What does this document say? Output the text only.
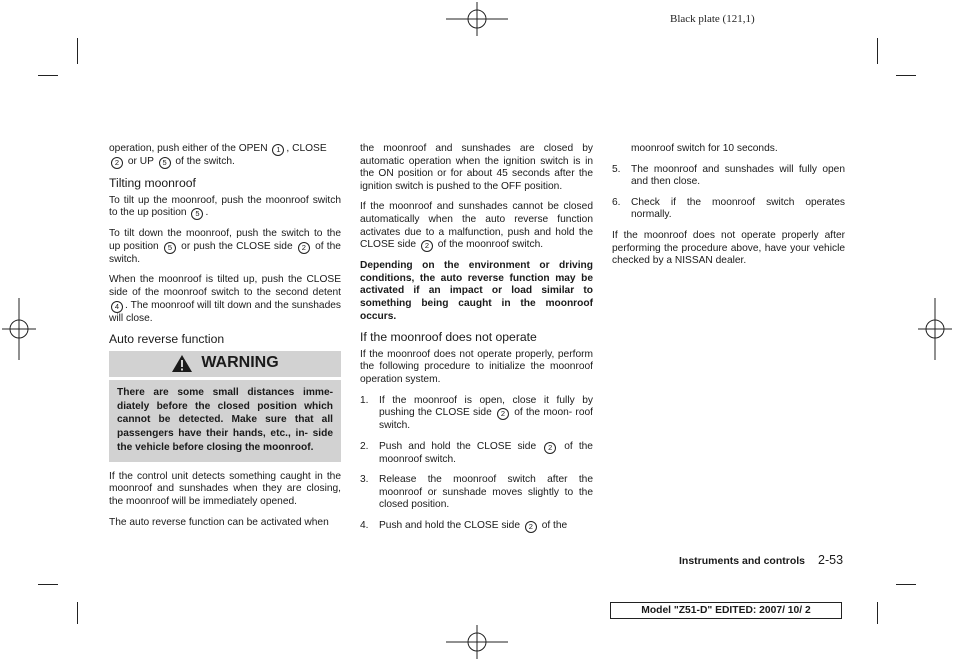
Black plate (121,1)

operation, push either of the OPEN 1 , CLOSE
2 or UP 5 of the switch.

Tilting moonroof

To tilt up the moonroof, push the moonroof switch to the up position 5 .

To tilt down the moonroof, push the switch to the up position 5 or push the CLOSE side 2 of the switch.

When the moonroof is tilted up, push the CLOSE side of the moonroof switch to the second detent 4 . The moonroof will tilt down and the sunshades will close.

Auto reverse function

WARNING
There are some small distances imme- diately before the closed position which cannot be detected. Make sure that all passengers have their hands, etc., in- side the vehicle before closing the moonroof.

If the control unit detects something caught in the moonroof and sunshades when they are closing, the moonroof will be immediately opened.

The auto reverse function can be activated when

the moonroof and sunshades are closed by automatic operation when the ignition switch is in the ON position or for about 45 seconds after the ignition switch is pushed to the OFF position.

If the moonroof and sunshades cannot be closed automatically when the auto reverse function activates due to a malfunction, push and hold the CLOSE side 2 of the moonroof switch.

Depending on the environment or driving conditions, the auto reverse function may be activated if an impact or load similar to something being caught in the moonroof occurs.

If the moonroof does not operate

If the moonroof does not operate properly, perform the following procedure to initialize the moonroof operation system.

1. If the moonroof is open, close it fully by pushing the CLOSE side 2 of the moon- roof switch.
2. Push and hold the CLOSE side 2 of the moonroof switch.
3. Release the moonroof switch after the moonroof or sunshade moves slightly to the closed position.
4. Push and hold the CLOSE side 2 of the

moonroof switch for 10 seconds.

5. The moonroof and sunshades will fully open and then close.
6. Check if the moonroof switch operates normally.

If the moonroof does not operate properly after performing the procedure above, have your vehicle checked by a NISSAN dealer.

Instruments and controls 2-53
Model "Z51-D" EDITED: 2007/ 10/ 2
